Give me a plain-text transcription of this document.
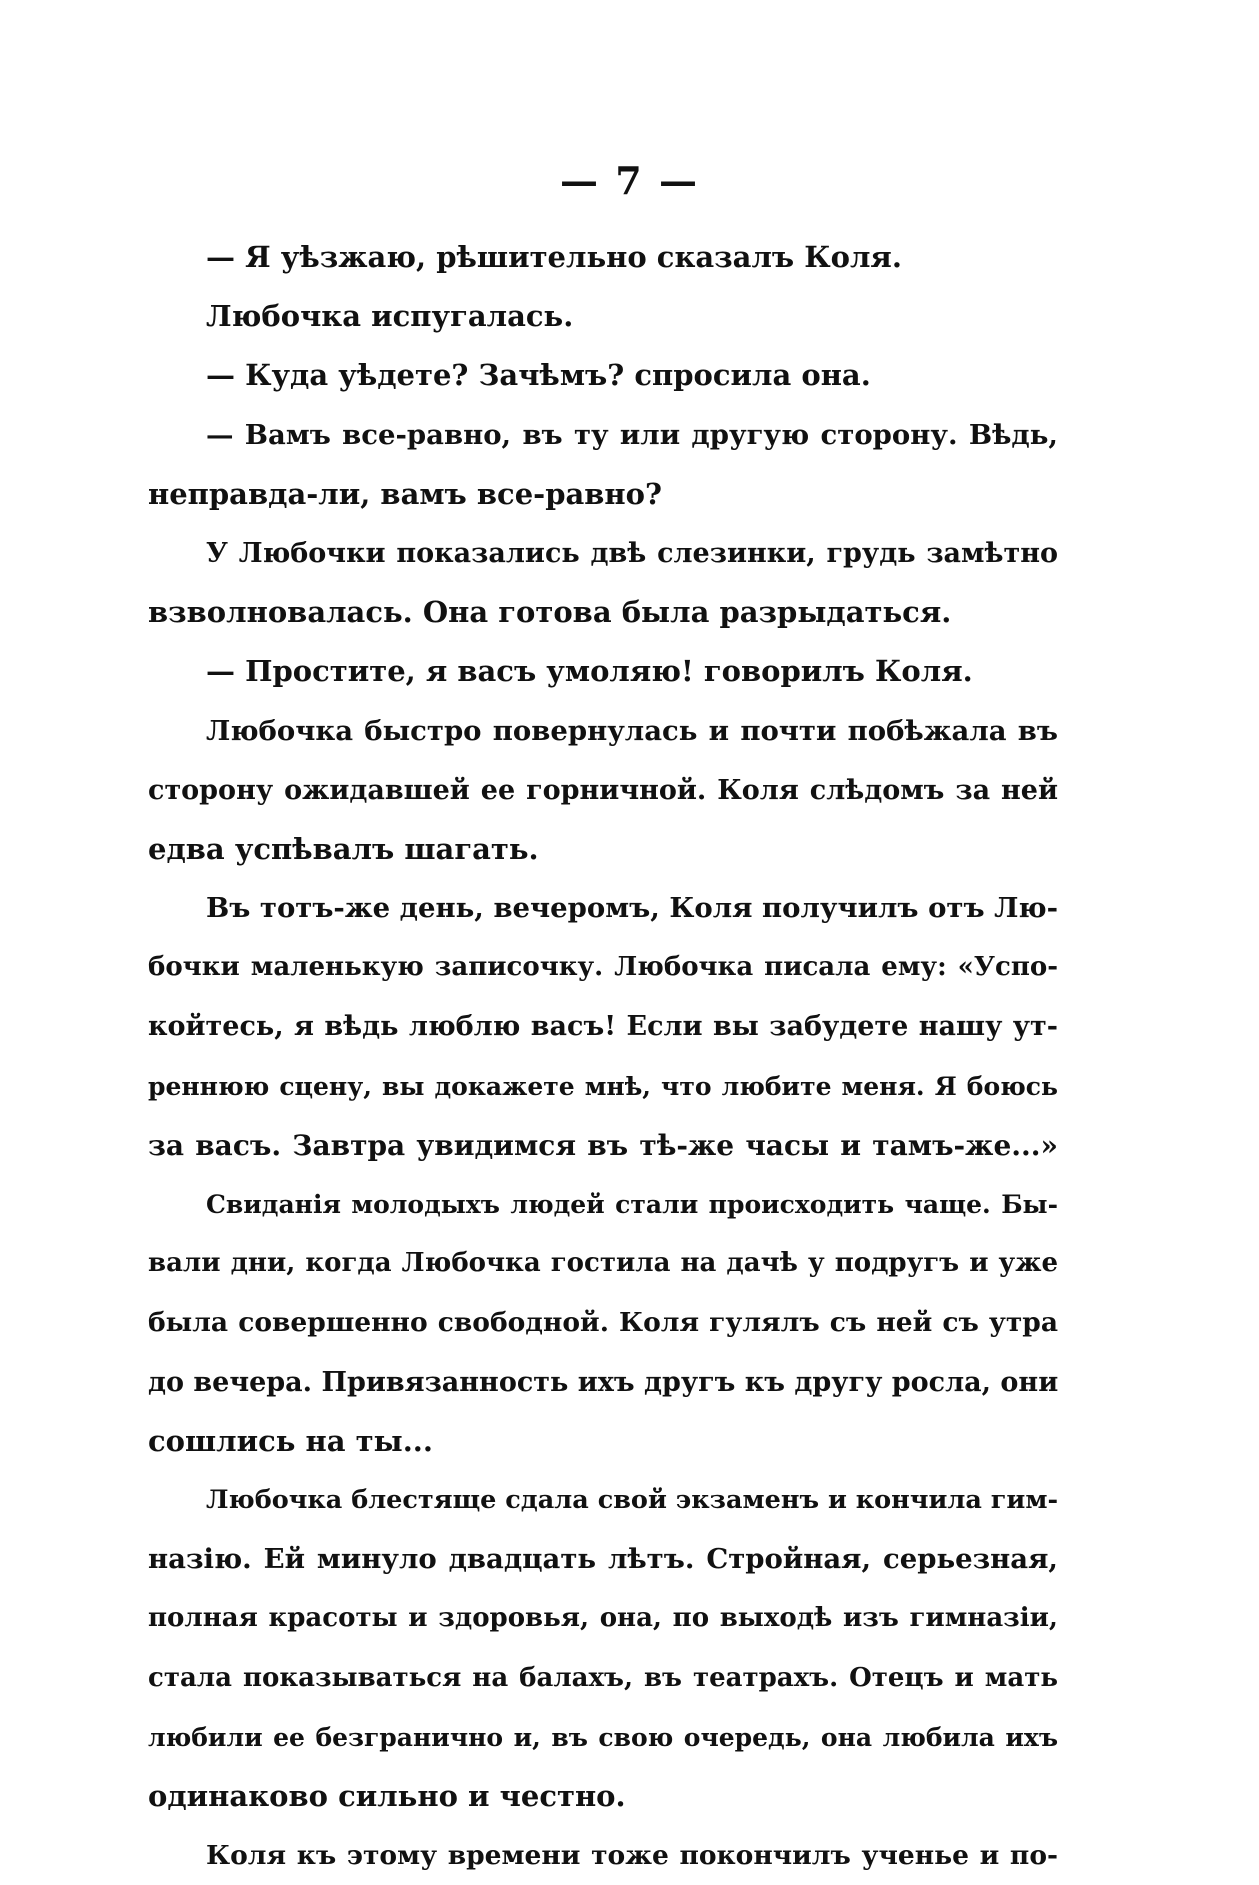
— 7 —
— Я уѣзжаю, рѣшительно сказалъ Коля.
Любочка испугалась.
— Куда уѣдете? Зачѣмъ? спросила она.
— Вамъ все-равно, въ ту или другую сторону. Вѣдь,
неправда-ли, вамъ все-равно?
У Любочки показались двѣ слезинки, грудь замѣтно
взволновалась. Она готова была разрыдаться.
— Простите, я васъ умоляю! говорилъ Коля.
Любочка быстро повернулась и почти побѣжала въ
сторону ожидавшей ее горничной. Коля слѣдомъ за ней
едва успѣвалъ шагать.
Въ тотъ-же день, вечеромъ, Коля получилъ отъ Лю-
бочки маленькую записочку. Любочка писала ему: «Успо-
койтесь, я вѣдь люблю васъ! Если вы забудете нашу ут-
реннюю сцену, вы докажете мнѣ, что любите меня. Я боюсь
за васъ. Завтра увидимся въ тѣ-же часы и тамъ-же...»
Свиданія молодыхъ людей стали происходить чаще. Бы-
вали дни, когда Любочка гостила на дачѣ у подругъ и уже
была совершенно свободной. Коля гулялъ съ ней съ утра
до вечера. Привязанность ихъ другъ къ другу росла, они
сошлись на ты...
Любочка блестяще сдала свой экзаменъ и кончила гим-
назію. Ей минуло двадцать лѣтъ. Стройная, серьезная,
полная красоты и здоровья, она, по выходѣ изъ гимназіи,
стала показываться на балахъ, въ театрахъ. Отецъ и мать
любили ее безгранично и, въ свою очередь, она любила ихъ
одинаково сильно и честно.
Коля къ этому времени тоже покончилъ ученье и по-
